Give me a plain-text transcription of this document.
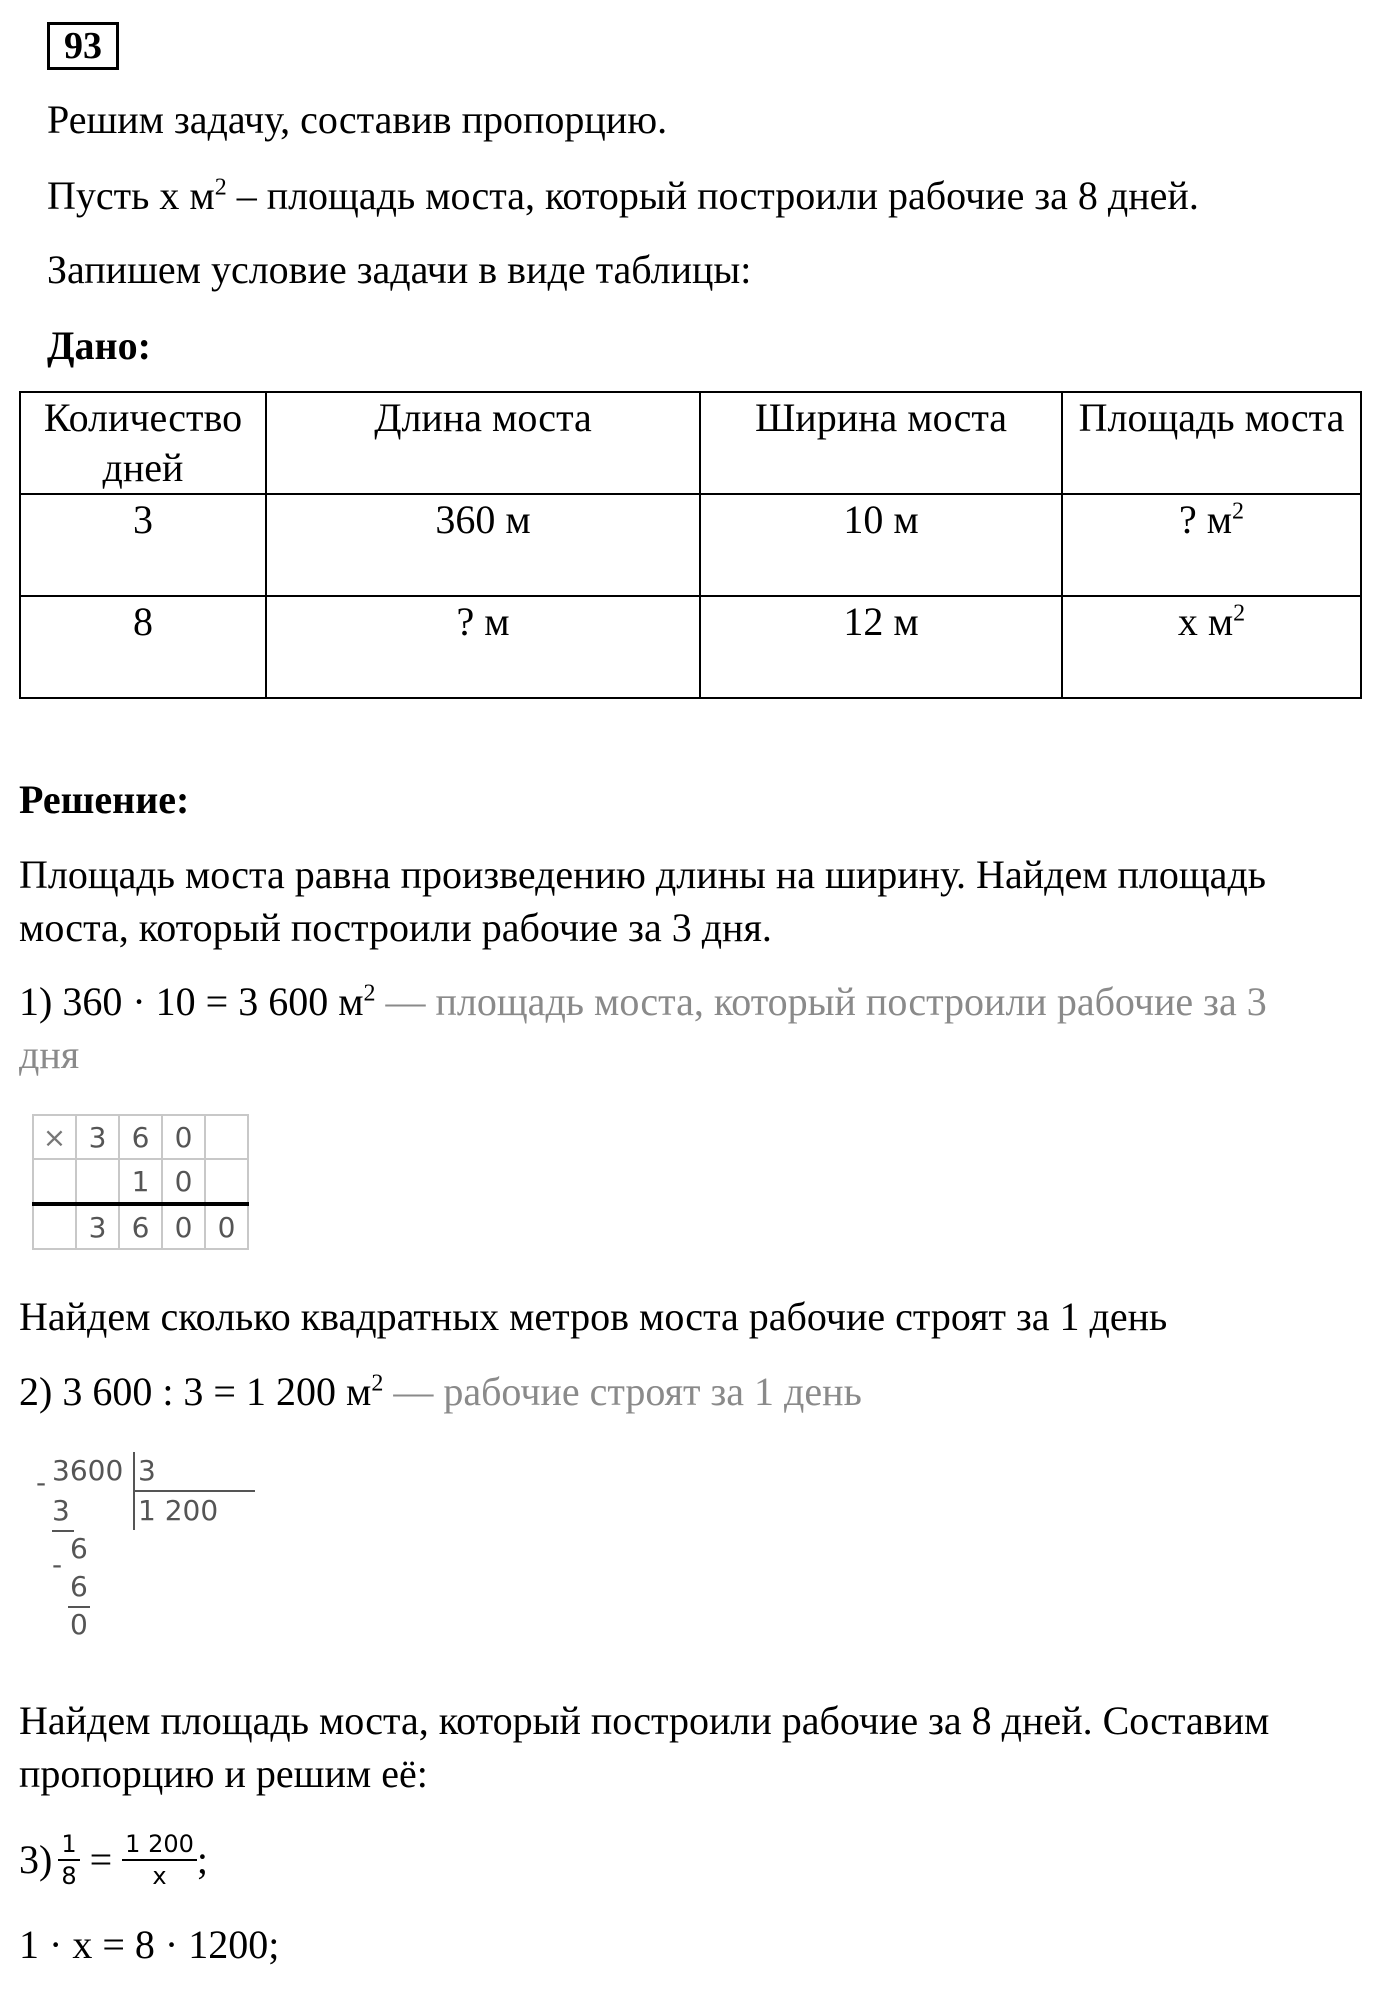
93
Решим задачу, составив пропорцию.
Пусть х $м^2$ – площадь моста, который построили рабочие за 8 дней.
Запишем условие задачи в виде таблицы:
Дано:
Количество дней	Длина моста	Ширина моста	Площадь моста
3	360 м	10 м	? $м^2$
8	? м	12 м	х $м^2$
Решение:
Площадь моста равна произведению длины на ширину. Найдем площадь
моста, который построили рабочие за 3 дня.
1) 360 · 10 = 3 600 $м^2$ — площадь моста, который построили рабочие за 3
дня
×	3	6	0	
		1	0	
	3	6	0	0
Найдем сколько квадратных метров моста рабочие строят за 1 день
2) 3 600 : 3 = 1 200 $м^2$ — рабочие строят за 1 день
3600 3
-
3 1 200
6
-
6
0
Найдем площадь моста, который построили рабочие за 8 дней. Составим
пропорцию и решим её:
$3) \frac{1}{8} = \frac{1 200}{х}$ ;
1 · х = 8 · 1200;
